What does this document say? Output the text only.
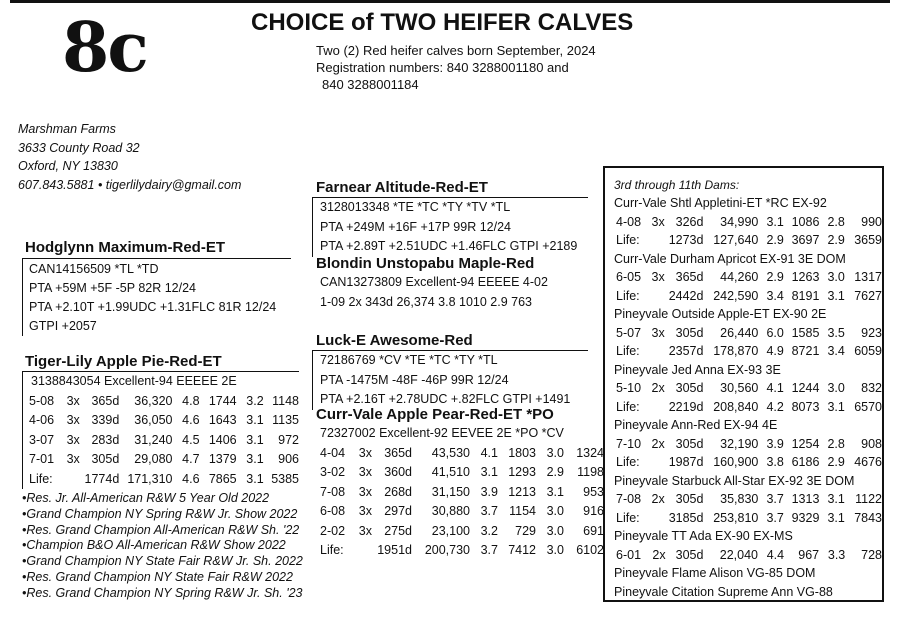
8c	CHOICE of TWO HEIFER CALVES
Two (2) Red heifer calves born September, 2024
Registration numbers: 840 3288001180 and
840 3288001184
Marshman Farms
3633 County Road 32
Oxford, NY 13830
607.843.5881 • tigerlilydairy@gmail.com
Hodglynn Maximum-Red-ET
CAN14156509 *TL *TD
PTA +59M +5F -5P 82R 12/24
PTA +2.10T +1.99UDC +1.31FLC 81R 12/24
GTPI +2057
Tiger-Lily Apple Pie-Red-ET
3138843054 Excellent-94 EEEEE 2E
5-08	3x	365d	36,320	4.8	1744	3.2	1148
4-06	3x	339d	36,050	4.6	1643	3.1	1135
3-07	3x	283d	31,240	4.5	1406	3.1	972
7-01	3x	305d	29,080	4.7	1379	3.1	906
Life:		1774d	171,310	4.6	7865	3.1	5385
•Res. Jr. All-American R&W 5 Year Old 2022
•Grand Champion NY Spring R&W Jr. Show 2022
•Res. Grand Champion All-American R&W Sh. '22
•Champion B&O All-American R&W Show 2022
•Grand Champion NY State Fair R&W Jr. Sh. 2022
•Res. Grand Champion NY State Fair R&W 2022
•Res. Grand Champion NY Spring R&W Jr. Sh. '23
Farnear Altitude-Red-ET
3128013348 *TE *TC *TY *TV *TL
PTA +249M +16F +17P 99R 12/24
PTA +2.89T +2.51UDC +1.46FLC GTPI +2189
Blondin Unstopabu Maple-Red
CAN13273809 Excellent-94 EEEEE 4-02
1-09 2x 343d 26,374 3.8 1010 2.9 763
Luck-E Awesome-Red
72186769 *CV *TE *TC *TY *TL
PTA -1475M -48F -46P 99R 12/24
PTA +2.16T +2.78UDC +.82FLC GTPI +1491
Curr-Vale Apple Pear-Red-ET *PO
72327002 Excellent-92 EEVEE 2E *PO *CV
4-04	3x	365d	43,530	4.1	1803	3.0	1324
3-02	3x	360d	41,510	3.1	1293	2.9	1198
7-08	3x	268d	31,150	3.9	1213	3.1	953
6-08	3x	297d	30,880	3.7	1154	3.0	916
2-02	3x	275d	23,100	3.2	729	3.0	691
Life:		1951d	200,730	3.7	7412	3.0	6102
3rd through 11th Dams:
Curr-Vale Shtl Appletini-ET *RC EX-92
4-08	3x	326d	34,990	3.1	1086	2.8	990
Life:		1273d	127,640	2.9	3697	2.9	3659
Curr-Vale Durham Apricot EX-91 3E DOM
6-05	3x	365d	44,260	2.9	1263	3.0	1317
Life:		2442d	242,590	3.4	8191	3.1	7627
Pineyvale Outside Apple-ET EX-90 2E
5-07	3x	305d	26,440	6.0	1585	3.5	923
Life:		2357d	178,870	4.9	8721	3.4	6059
Pineyvale Jed Anna EX-93 3E
5-10	2x	305d	30,560	4.1	1244	3.0	832
Life:		2219d	208,840	4.2	8073	3.1	6570
Pineyvale Ann-Red EX-94 4E
7-10	2x	305d	32,190	3.9	1254	2.8	908
Life:		1987d	160,900	3.8	6186	2.9	4676
Pineyvale Starbuck All-Star EX-92 3E DOM
7-08	2x	305d	35,830	3.7	1313	3.1	1122
Life:		3185d	253,810	3.7	9329	3.1	7843
Pineyvale TT Ada EX-90 EX-MS
6-01	2x	305d	22,040	4.4	967	3.3	728
Pineyvale Flame Alison VG-85 DOM
Pineyvale Citation Supreme Ann VG-88
